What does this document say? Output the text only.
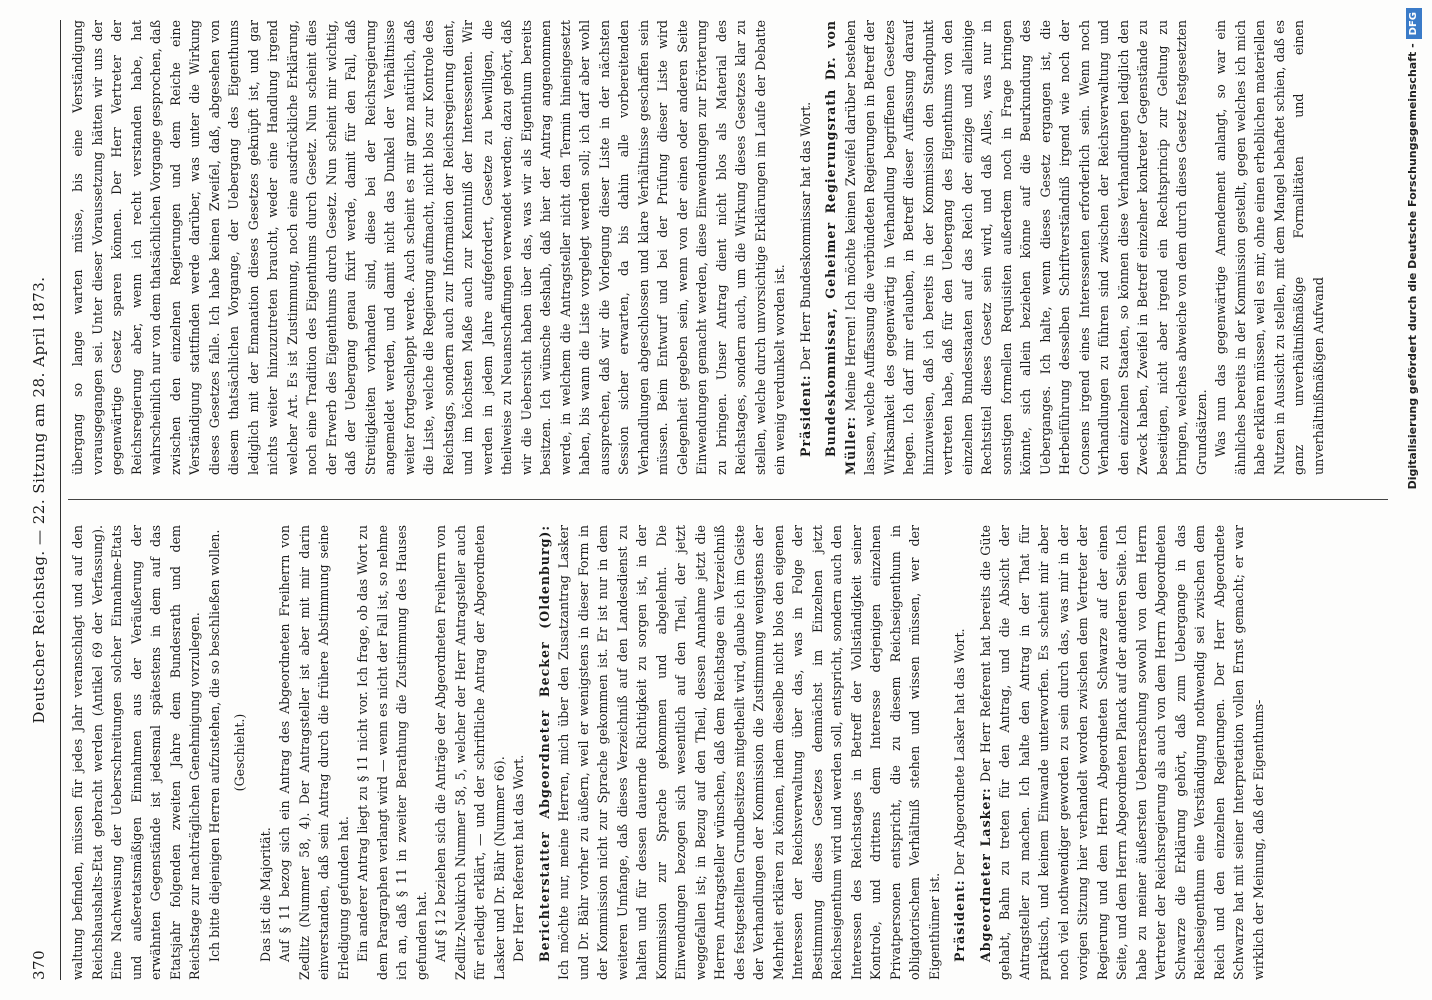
370
Deutscher Reichstag. — 22. Sitzung am 28. April 1873.

waltung befinden, müssen für jedes Jahr veranschlagt und auf den Reichshaushalts-Etat gebracht werden (Antikel 69 der Verfassung). Eine Nachweisung der Ueberschreitungen solcher Einnahme-Etats und außeretatsmäßigen Einnahmen aus der Veräußerung der erwähnten Gegenstände ist jedesmal spätestens in dem auf das Etatsjahr folgenden zweiten Jahre dem Bundesrath und dem Reichstage zur nachträglichen Genehmigung vorzulegen. Ich bitte diejenigen Herren aufzustehen, die so beschließen wollen. (Geschieht.)

Das ist die Majorität. Auf § 11 bezog sich ein Antrag des Abgeordneten Freiherrn von Zedlitz (Nummer 58, 4). Der Antragsteller ist aber mit mir darin einverstanden, daß sein Antrag durch die frühere Abstimmung seine Erledigung gefunden hat. Ein anderer Antrag liegt zu § 11 nicht vor. Ich frage, ob das Wort zu dem Paragraphen verlangt wird — wenn es nicht der Fall ist, so nehme ich an, daß § 11 in zweiter Berathung die Zustimmung des Hauses gefunden hat. Auf § 12 beziehen sich die Anträge der Abgeordneten Freiherrn von Zedlitz-Neukirch Nummer 58, 5, welcher der Herr Antragsteller auch für erledigt erklärt, — und der schriftliche Antrag der Abgeordneten Lasker und Dr. Bähr (Nummer 66). Der Herr Referent hat das Wort. Berichterstatter Abgeordneter Becker (Oldenburg): Ich möchte nur, meine Herren, mich über den Zusatzantrag Lasker und Dr. Bähr vorher zu äußern, weil er wenigstens in dieser Form in der Kommission nicht zur Sprache gekommen ist. Er ist nur in dem weiteren Umfange, daß dieses Verzeichniß auf den Landesdienst zu halten und für dessen dauernde Richtigkeit zu sorgen ist, in der Kommission zur Sprache gekommen und abgelehnt. Die Einwendungen bezogen sich wesentlich auf den Theil, der jetzt weggefallen ist; in Bezug auf den Theil, dessen Annahme jetzt die Herren Antragsteller wünschen, daß dem Reichstage ein Verzeichniß des festgestellten Grundbesitzes mitgetheilt wird, glaube ich im Geiste der Verhandlungen der Kommission die Zustimmung wenigstens der Mehrheit erklären zu können, indem dieselbe nicht blos den eigenen Interessen der Reichsverwaltung über das, was in Folge der Bestimmung dieses Gesetzes demnächst im Einzelnen jetzt Reichseigenthum wird und werden soll, entspricht, sondern auch den Interessen des Reichstages in Betreff der Vollständigkeit seiner Kontrole, und drittens dem Interesse derjenigen einzelnen Privatpersonen entspricht, die zu diesem Reichseigenthum in obligatorischem Verhältniß stehen und wissen müssen, wer der Eigenthümer ist. Präsident: Der Abgeordnete Lasker hat das Wort. Abgeordneter Lasker: Der Herr Referent hat bereits die Güte gehabt, Bahn zu treten für den Antrag, und die Absicht der Antragsteller zu machen. Ich halte den Antrag in der That für praktisch, und keinem Einwande unterworfen. Es scheint mir aber noch viel nothwendiger geworden zu sein durch das, was mir in der vorigen Sitzung hier verhandelt worden zwischen dem Vertreter der Regierung und dem Herrn Abgeordneten Schwarze auf der einen Seite, und dem Herrn Abgeordneten Planck auf der anderen Seite. Ich habe zu meiner äußersten Ueberraschung sowohl von dem Herrn Vertreter der Reichsregierung als auch von dem Herrn Abgeordneten Schwarze die Erklärung gehört, daß zum Uebergange in das Reichseigenthum eine Verständigung nothwendig sei zwischen dem Reich und den einzelnen Regierungen. Der Herr Abgeordnete Schwarze hat mit seiner Interpretation vollen Ernst gemacht; er war wirklich der Meinung, daß der Eigenthums-

übergang so lange warten müsse, bis eine Verständigung vorausgegangen sei. Unter dieser Voraussetzung hätten wir uns der gegenwärtige Gesetz sparen können. Der Herr Vertreter der Reichsregierung aber, wenn ich recht verstanden habe, hat wahrscheinlich nur von dem thatsächlichen Vorgange gesprochen, daß zwischen den einzelnen Regierungen und dem Reiche eine Verständigung stattfinden werde darüber, was unter die Wirkung dieses Gesetzes falle. Ich habe keinen Zweifel, daß, abgesehen von diesem thatsächlichen Vorgange, der Uebergang des Eigenthums lediglich mit der Emanation dieses Gesetzes geknüpft ist, und gar nichts weiter hinzuzutreten braucht, weder eine Handlung irgend welcher Art. Es ist Zustimmung, noch eine ausdrückliche Erklärung, noch eine Tradition des Eigenthums durch Gesetz. Nun scheint dies der Erwerb des Eigenthums durch Gesetz. Nun scheint mir wichtig, daß der Uebergang genau fixirt werde, damit für den Fall, daß Streitigkeiten vorhanden sind, diese bei der Reichsregierung angemeldet werden, und damit nicht das Dunkel der Verhältnisse weiter fortgeschleppt werde. Auch scheint es mir ganz natürlich, daß die Liste, welche die Regierung aufmacht, nicht blos zur Kontrole des Reichstags, sondern auch zur Information der Reichsregierung dient, und im höchsten Maße auch zur Kenntniß der Interessenten. Wir werden in jedem Jahre aufgefordert, Gesetze zu bewilligen, die theilweise zu Neuanschaffungen verwendet werden; dazu gehört, daß wir die Uebersicht haben über das, was wir als Eigenthum bereits besitzen. Ich wünsche deshalb, daß hier der Antrag angenommen werde, in welchem die Antragsteller nicht den Termin hineingesetzt haben, bis wann die Liste vorgelegt werden soll; ich darf aber wohl aussprechen, daß wir die Vorlegung dieser Liste in der nächsten Session sicher erwarten, da bis dahin alle vorbereitenden Verhandlungen abgeschlossen und klare Verhältnisse geschaffen sein müssen. Beim Entwurf und bei der Prüfung dieser Liste wird Gelegenheit gegeben sein, wenn von der einen oder anderen Seite Einwendungen gemacht werden, diese Einwendungen zur Erörterung zu bringen. Unser Antrag dient nicht blos als Material des Reichstages, sondern auch, um die Wirkung dieses Gesetzes klar zu stellen, welche durch unvorsichtige Erklärungen im Laufe der Debatte ein wenig verdunkelt worden ist. Präsident: Der Herr Bundeskommissar hat das Wort. Bundeskommissar, Geheimer Regierungsrath Dr. von Müller: Meine Herren! Ich möchte keinen Zweifel darüber bestehen lassen, welche Auffassung die verbündeten Regierungen in Betreff der Wirksamkeit des gegenwärtig in Verhandlung begriffenen Gesetzes hegen. Ich darf mir erlauben, in Betreff dieser Auffassung darauf hinzuweisen, daß ich bereits in der Kommission den Standpunkt vertreten habe, daß für den Uebergang des Eigenthums von den einzelnen Bundesstaaten auf das Reich der einzige und alleinige Rechtstitel dieses Gesetz sein wird, und daß Alles, was nur in sonstigen formellen Requisiten außerdem noch in Frage bringen könnte, sich allein beziehen könne auf die Beurkundung des Ueberganges. Ich halte, wenn dieses Gesetz ergangen ist, die Herbeiführung desselben Schriftverständniß irgend wie noch der Consens irgend eines Interessenten erforderlich sein. Wenn noch Verhandlungen zu führen sind zwischen der Reichsverwaltung und den einzelnen Staaten, so können diese Verhandlungen lediglich den Zweck haben, Zweifel in Betreff einzelner konkreter Gegenstände zu beseitigen, nicht aber irgend ein Rechtsprincip zur Geltung zu bringen, welches abweiche von dem durch dieses Gesetz festgesetzten Grundsätzen. Was nun das gegenwärtige Amendement anlangt, so war ein ähnliches bereits in der Kommission gestellt, gegen welches ich mich habe erklären müssen, weil es mir, ohne einen erheblichen materiellen Nutzen in Aussicht zu stellen, mit dem Mangel behaftet schien, daß es ganz unverhältnißmäßige Formalitäten und einen unverhältnißmäßigen Aufwand	Digitalisierung gefördert durch die Deutsche Forschungsgemeinschaft -DFG
